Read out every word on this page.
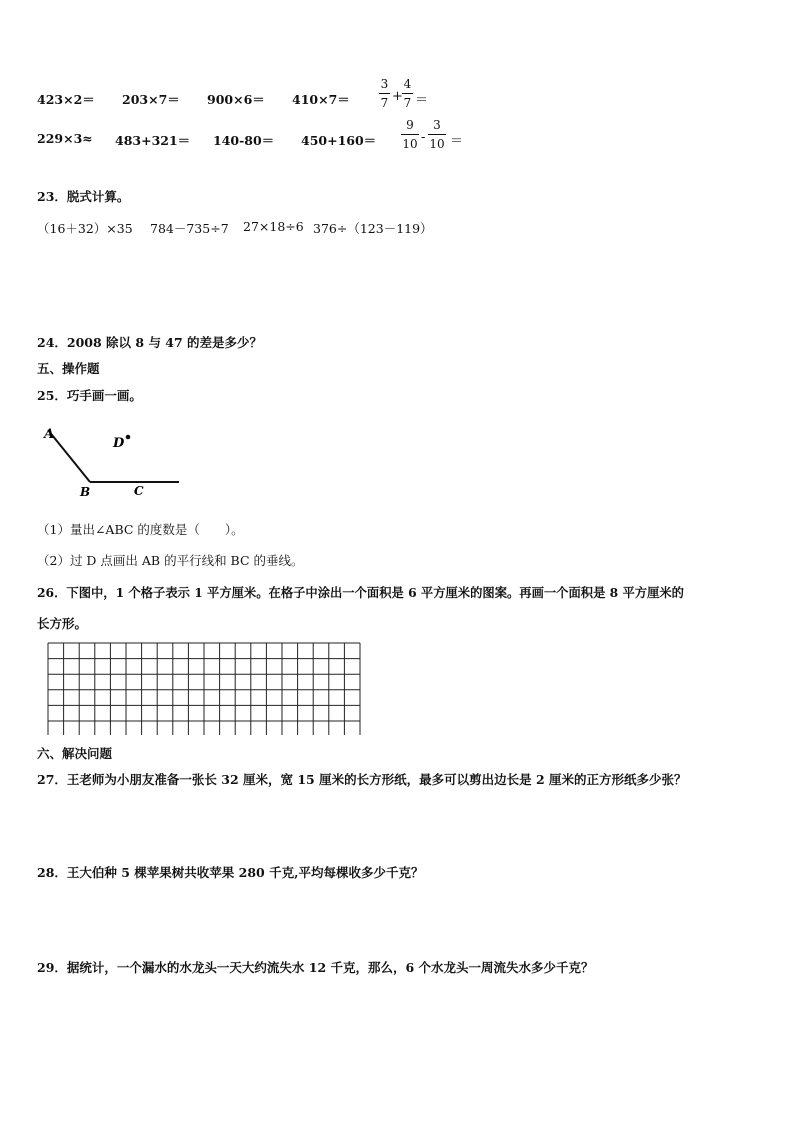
423×2＝ 203×7＝ 900×6＝ 410×7＝
3
7 +
4
7 ＝
229×3≈ 483+321＝ 140-80＝ 450+160＝
9
10 -
3
10 ＝
23．脱式计算。
（16＋32）×35 784－735÷7 27×18÷6 376÷（123－119）
24．2008 除以 8 与 47 的差是多少？
五、操作题
25．巧手画一画。
A
B	C
D
（1）量出∠ABC 的度数是（　　）。
（2）过 D 点画出 AB 的平行线和 BC 的垂线。
26．下图中，1 个格子表示 1 平方厘米。在格子中涂出一个面积是 6 平方厘米的图案。再画一个面积是 8 平方厘米的
长方形。
六、解决问题
27．王老师为小朋友准备一张长 32 厘米，宽 15 厘米的长方形纸，最多可以剪出边长是 2 厘米的正方形纸多少张？
28．王大伯种 5 棵苹果树共收苹果 280 千克,平均每棵收多少千克？
29．据统计，一个漏水的水龙头一天大约流失水 12 千克，那么，6 个水龙头一周流失水多少千克？
